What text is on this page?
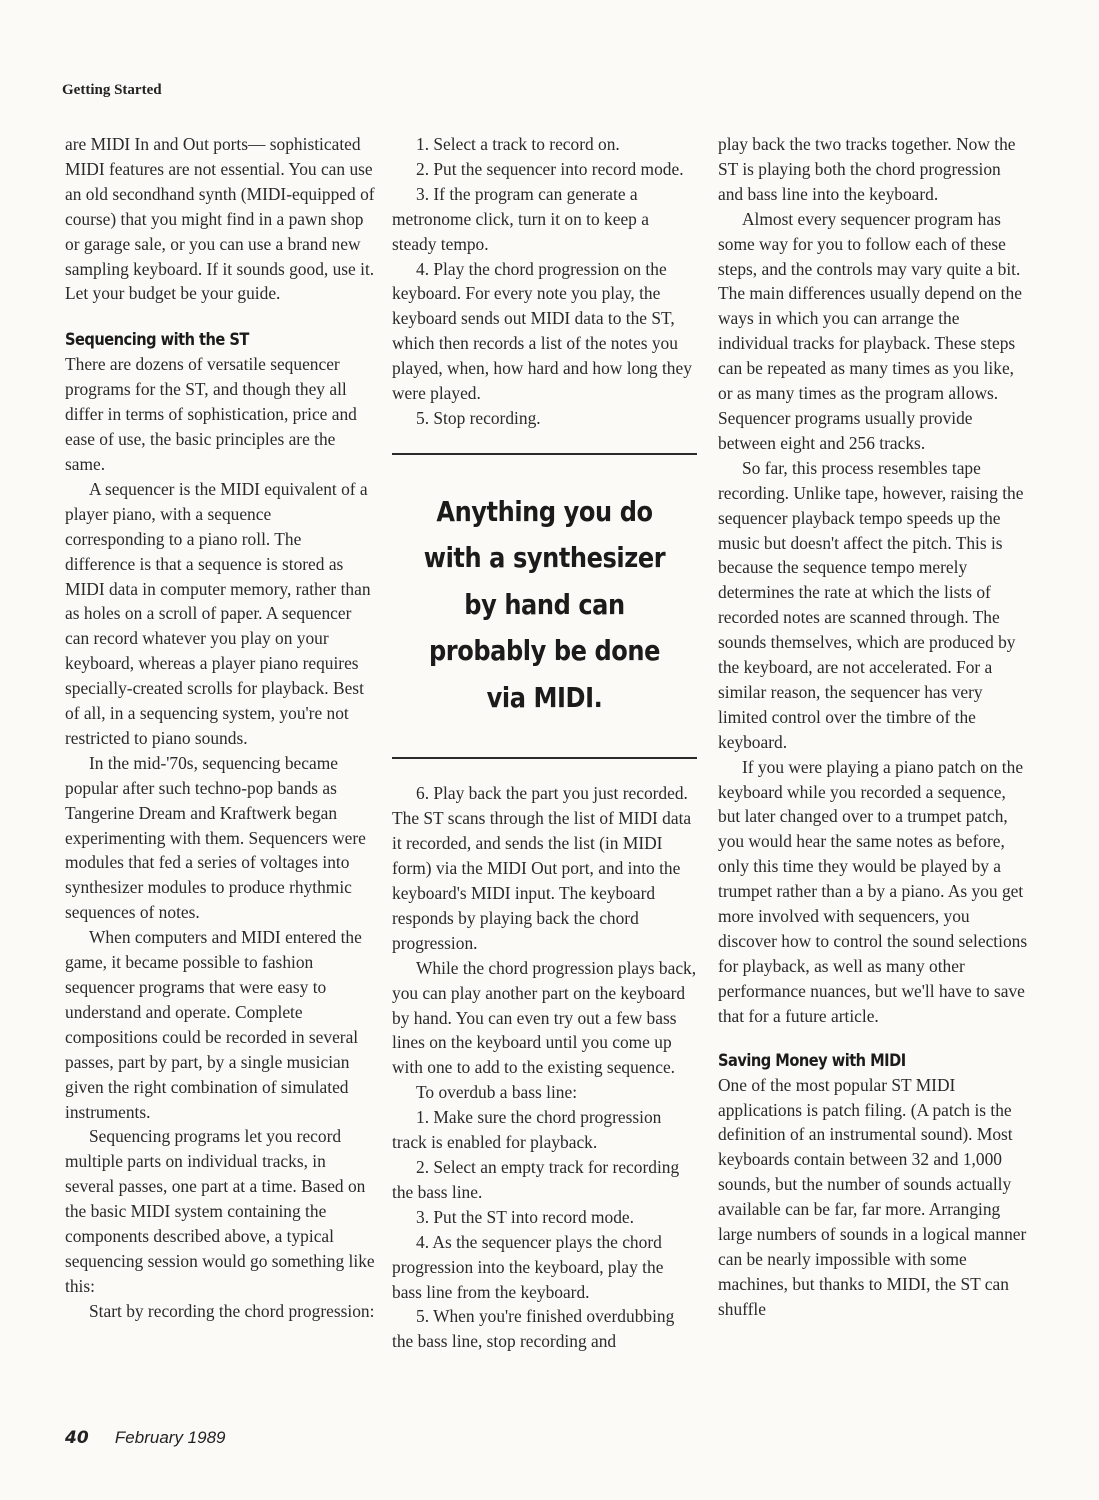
Getting Started

are MIDI In and Out ports— sophisticated MIDI features are not essential. You can use an old secondhand synth (MIDI-equipped of course) that you might find in a pawn shop or garage sale, or you can use a brand new sampling keyboard. If it sounds good, use it. Let your budget be your guide.

Sequencing with the ST

There are dozens of versatile sequencer programs for the ST, and though they all differ in terms of sophistication, price and ease of use, the basic principles are the same.

A sequencer is the MIDI equivalent of a player piano, with a sequence corresponding to a piano roll. The difference is that a sequence is stored as MIDI data in computer memory, rather than as holes on a scroll of paper. A sequencer can record whatever you play on your keyboard, whereas a player piano requires specially-created scrolls for playback. Best of all, in a sequencing system, you're not restricted to piano sounds.

In the mid-'70s, sequencing became popular after such techno-pop bands as Tangerine Dream and Kraftwerk began experimenting with them. Sequencers were modules that fed a series of voltages into synthesizer modules to produce rhythmic sequences of notes.

When computers and MIDI entered the game, it became possible to fashion sequencer programs that were easy to understand and operate. Complete compositions could be recorded in several passes, part by part, by a single musician given the right combination of simulated instruments.

Sequencing programs let you record multiple parts on individual tracks, in several passes, one part at a time. Based on the basic MIDI system containing the components described above, a typical sequencing session would go something like this:

Start by recording the chord progression:

1. Select a track to record on.

2. Put the sequencer into record mode.

3. If the program can generate a metronome click, turn it on to keep a steady tempo.

4. Play the chord progression on the keyboard. For every note you play, the keyboard sends out MIDI data to the ST, which then records a list of the notes you played, when, how hard and how long they were played.

5. Stop recording.

Anything you do
with a synthesizer
by hand can
probably be done
via MIDI.

6. Play back the part you just recorded. The ST scans through the list of MIDI data it recorded, and sends the list (in MIDI form) via the MIDI Out port, and into the keyboard's MIDI input. The keyboard responds by playing back the chord progression.

While the chord progression plays back, you can play another part on the keyboard by hand. You can even try out a few bass lines on the keyboard until you come up with one to add to the existing sequence.

To overdub a bass line:

1. Make sure the chord progression track is enabled for playback.

2. Select an empty track for recording the bass line.

3. Put the ST into record mode.

4. As the sequencer plays the chord progression into the keyboard, play the bass line from the keyboard.

5. When you're finished overdubbing the bass line, stop recording and

play back the two tracks together. Now the ST is playing both the chord progression and bass line into the keyboard.

Almost every sequencer program has some way for you to follow each of these steps, and the controls may vary quite a bit. The main differences usually depend on the ways in which you can arrange the individual tracks for playback. These steps can be repeated as many times as you like, or as many times as the program allows. Sequencer programs usually provide between eight and 256 tracks.

So far, this process resembles tape recording. Unlike tape, however, raising the sequencer playback tempo speeds up the music but doesn't affect the pitch. This is because the sequence tempo merely determines the rate at which the lists of recorded notes are scanned through. The sounds themselves, which are produced by the keyboard, are not accelerated. For a similar reason, the sequencer has very limited control over the timbre of the keyboard.

If you were playing a piano patch on the keyboard while you recorded a sequence, but later changed over to a trumpet patch, you would hear the same notes as before, only this time they would be played by a trumpet rather than a by a piano. As you get more involved with sequencers, you discover how to control the sound selections for playback, as well as many other performance nuances, but we'll have to save that for a future article.

Saving Money with MIDI

One of the most popular ST MIDI applications is patch filing. (A patch is the definition of an instrumental sound). Most keyboards contain between 32 and 1,000 sounds, but the number of sounds actually available can be far, far more. Arranging large numbers of sounds in a logical manner can be nearly impossible with some machines, but thanks to MIDI, the ST can shuffle

40 February 1989
